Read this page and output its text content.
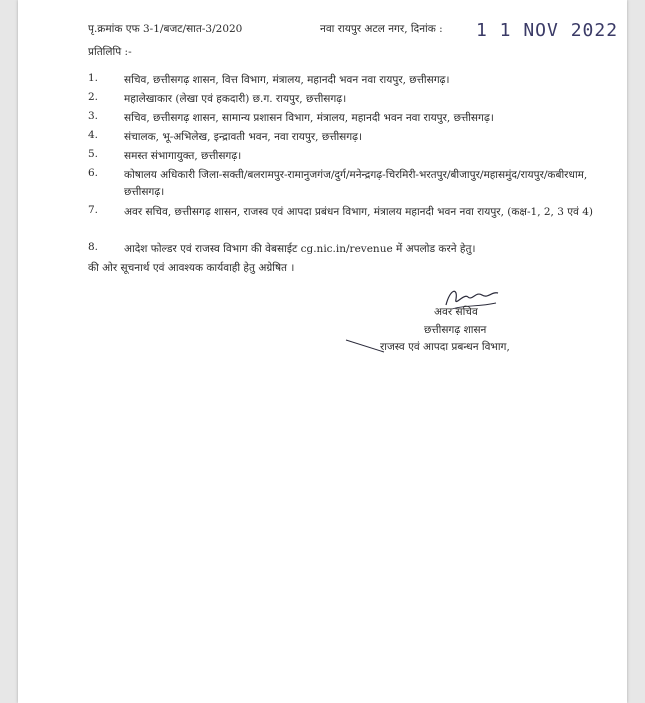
पृ.क्रमांक एफ 3-1/बजट/सात-3/2020	नवा रायपुर अटल नगर, दिनांक : 1 1 NOV 2022
प्रतिलिपि :-
1.	सचिव, छत्तीसगढ़ शासन, वित्त विभाग, मंत्रालय, महानदी भवन नवा रायपुर, छत्तीसगढ़।
2.	महालेखाकार (लेखा एवं हकदारी) छ.ग. रायपुर, छत्तीसगढ़।
3.	सचिव, छत्तीसगढ़ शासन, सामान्य प्रशासन विभाग, मंत्रालय, महानदी भवन नवा रायपुर, छत्तीसगढ़।
4.	संचालक, भू-अभिलेख, इन्द्रावती भवन, नवा रायपुर, छत्तीसगढ़।
5.	समस्त संभागायुक्त, छत्तीसगढ़।
6.	कोषालय अधिकारी जिला-सक्ती/बलरामपुर-रामानुजगंज/दुर्ग/मनेन्द्रगढ़-चिरमिरी-भरतपुर/बीजापुर/महासमुंद/रायपुर/कबीरधाम, छत्तीसगढ़।
7.	अवर सचिव, छत्तीसगढ़ शासन, राजस्व एवं आपदा प्रबंधन विभाग, मंत्रालय महानदी भवन नवा रायपुर, (कक्ष-1, 2, 3 एवं 4)
8.	आदेश फोल्डर एवं राजस्व विभाग की वेबसाईट cg.nic.in/revenue में अपलोड करने हेतु।
की ओर सूचनार्थ एवं आवश्यक कार्यवाही हेतु अग्रेषित ।
अवर सचिव
छत्तीसगढ़ शासन
राजस्व एवं आपदा प्रबन्धन विभाग,
